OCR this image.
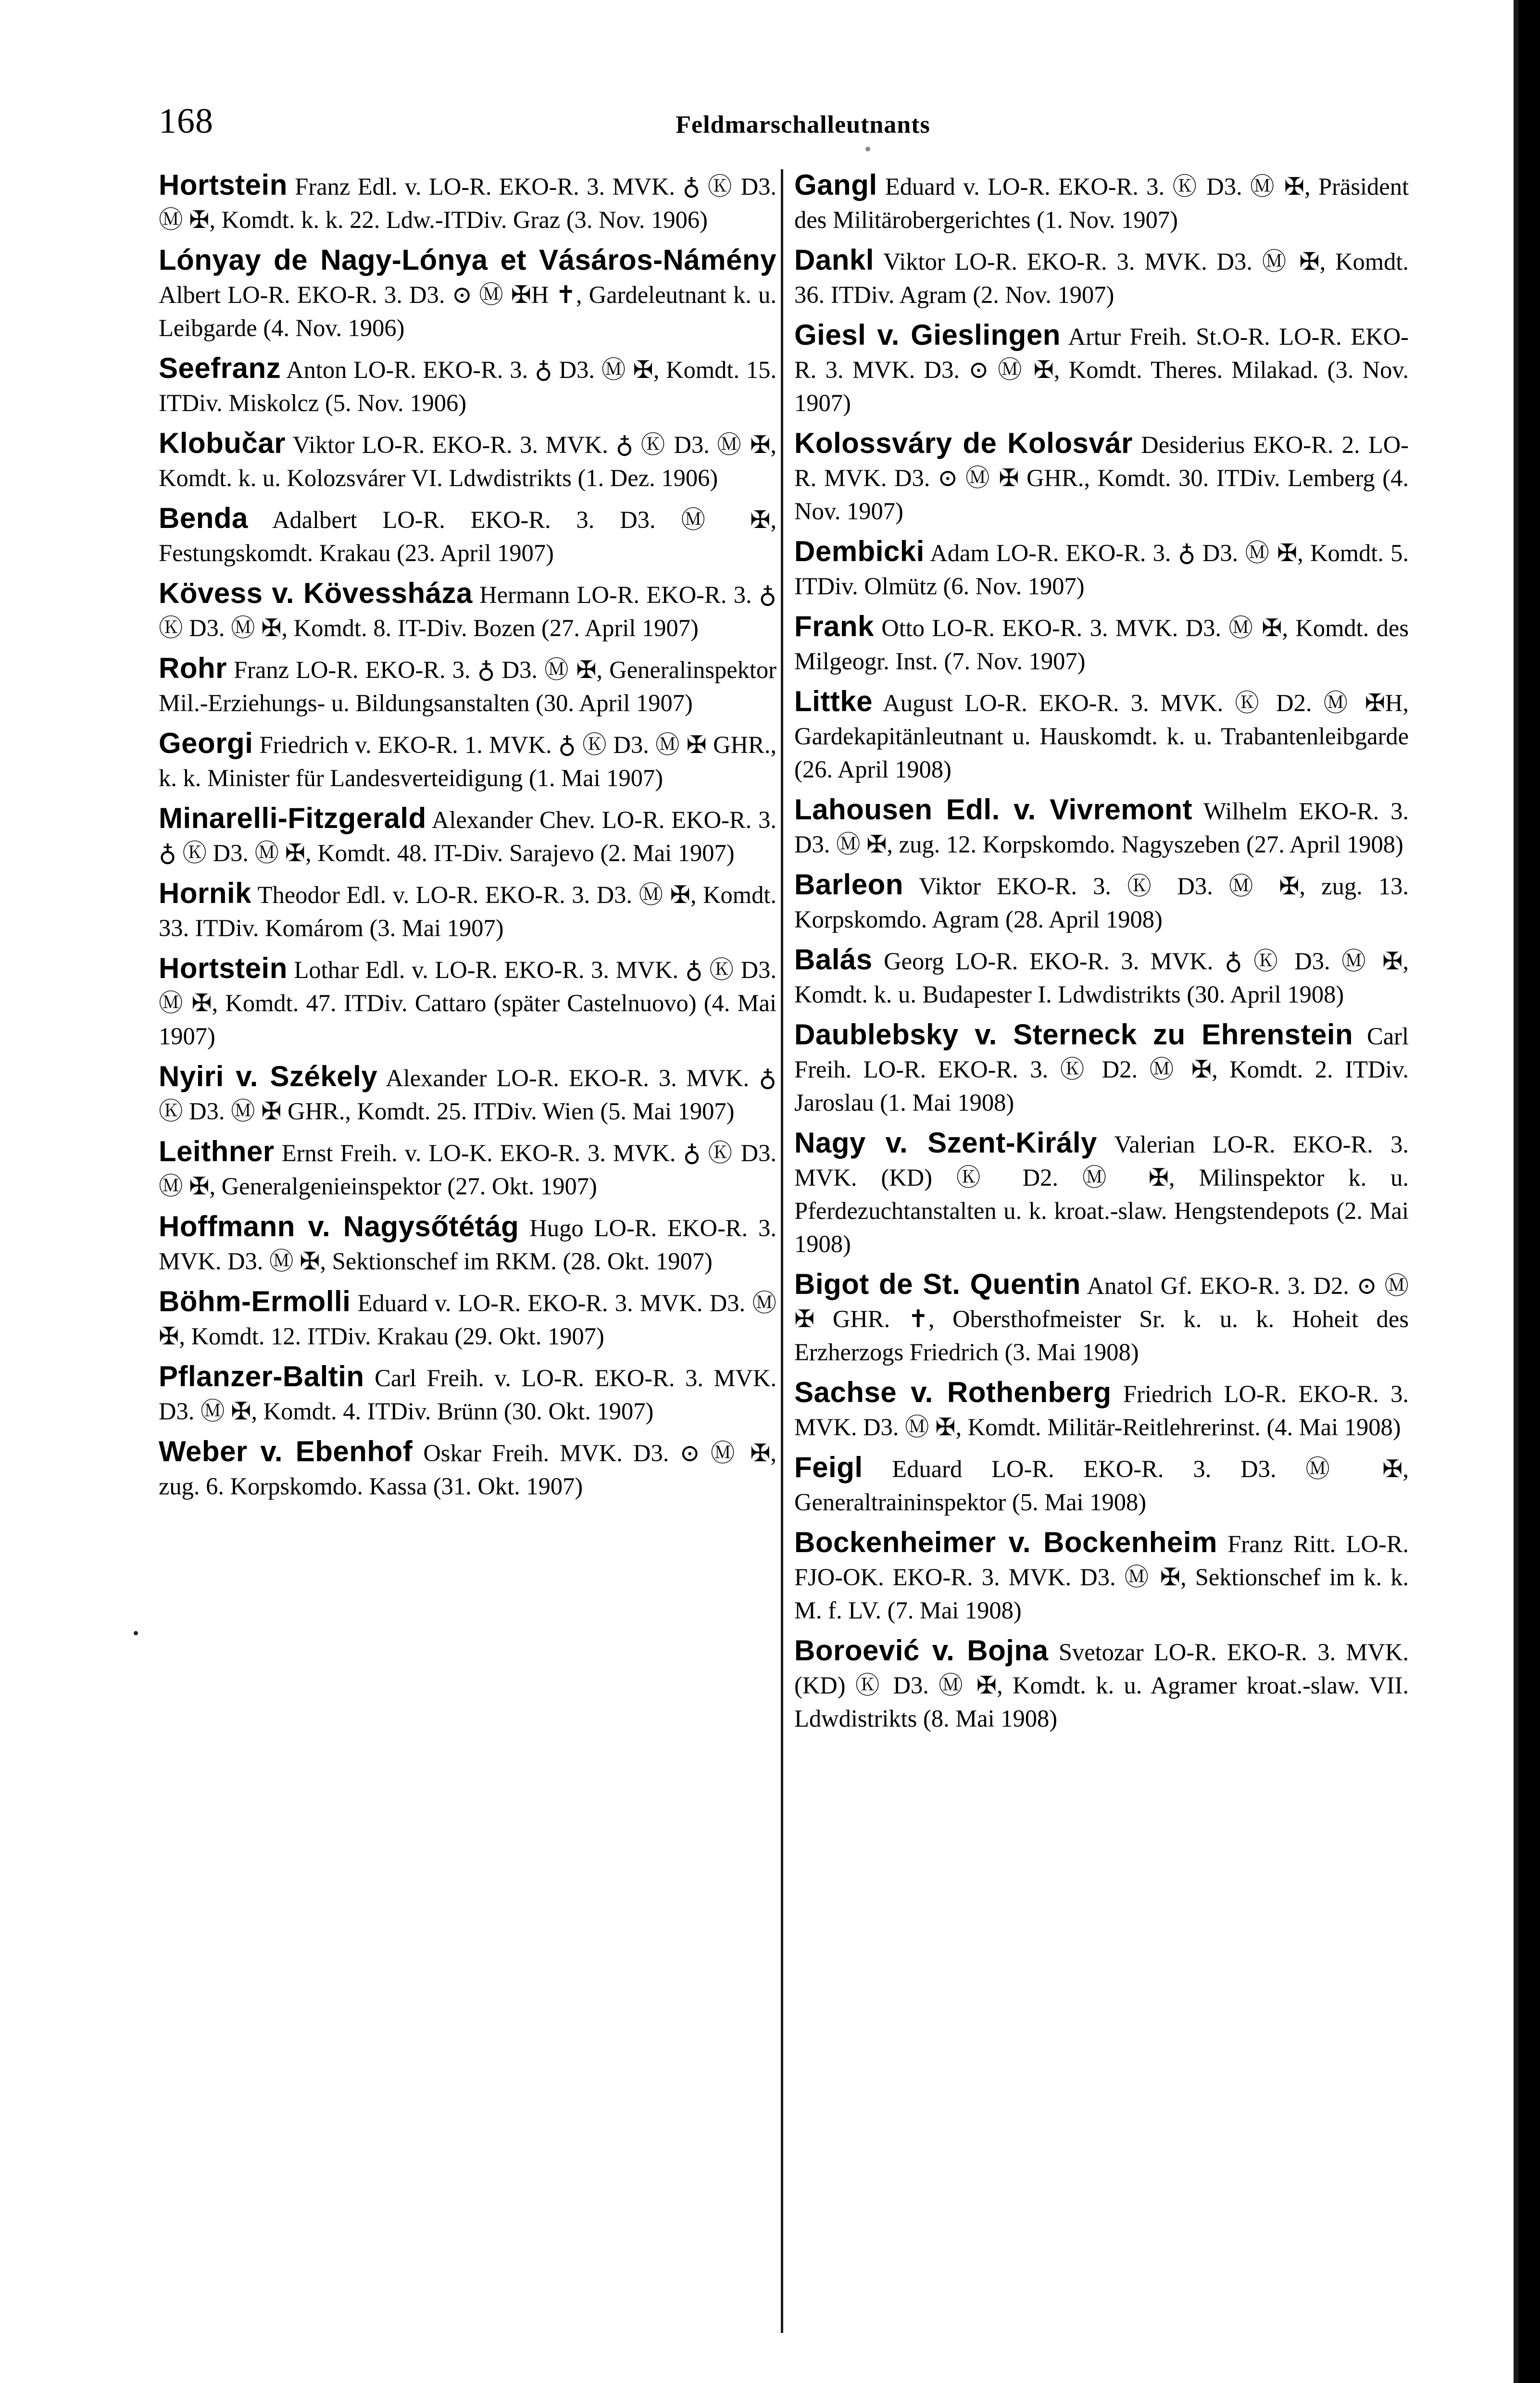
168	Feldmarschalleutnants

Hortstein Franz Edl. v. LO-R. EKO-R. 3. MVK. ♁ Ⓚ D3. Ⓜ ✠, Komdt. k. k. 22. Ldw.-ITDiv. Graz (3. Nov. 1906)

Lónyay de Nagy-Lónya et Vásáros-Námény Albert LO-R. EKO-R. 3. D3. ⊙ Ⓜ ✠H ✝, Gardeleutnant k. u. Leibgarde (4. Nov. 1906)

Seefranz Anton LO-R. EKO-R. 3. ♁ D3. Ⓜ ✠, Komdt. 15. ITDiv. Miskolcz (5. Nov. 1906)

Klobučar Viktor LO-R. EKO-R. 3. MVK. ♁ Ⓚ D3. Ⓜ ✠, Komdt. k. u. Kolozsvárer VI. Ldwdistrikts (1. Dez. 1906)

Benda Adalbert LO-R. EKO-R. 3. D3. Ⓜ ✠, Festungskomdt. Krakau (23. April 1907)

Kövess v. Kövessháza Hermann LO-R. EKO-R. 3. ♁ Ⓚ D3. Ⓜ ✠, Komdt. 8. IT-Div. Bozen (27. April 1907)

Rohr Franz LO-R. EKO-R. 3. ♁ D3. Ⓜ ✠, Generalinspektor Mil.-Erziehungs- u. Bildungsanstalten (30. April 1907)

Georgi Friedrich v. EKO-R. 1. MVK. ♁ Ⓚ D3. Ⓜ ✠ GHR., k. k. Minister für Landesverteidigung (1. Mai 1907)

Minarelli-Fitzgerald Alexander Chev. LO-R. EKO-R. 3. ♁ Ⓚ D3. Ⓜ ✠, Komdt. 48. IT-Div. Sarajevo (2. Mai 1907)

Hornik Theodor Edl. v. LO-R. EKO-R. 3. D3. Ⓜ ✠, Komdt. 33. ITDiv. Komárom (3. Mai 1907)

Hortstein Lothar Edl. v. LO-R. EKO-R. 3. MVK. ♁ Ⓚ D3. Ⓜ ✠, Komdt. 47. ITDiv. Cattaro (später Castelnuovo) (4. Mai 1907)

Nyiri v. Székely Alexander LO-R. EKO-R. 3. MVK. ♁ Ⓚ D3. Ⓜ ✠ GHR., Komdt. 25. ITDiv. Wien (5. Mai 1907)

Leithner Ernst Freih. v. LO-K. EKO-R. 3. MVK. ♁ Ⓚ D3. Ⓜ ✠, Generalgenieinspektor (27. Okt. 1907)

Hoffmann v. Nagysőtétág Hugo LO-R. EKO-R. 3. MVK. D3. Ⓜ ✠, Sektionschef im RKM. (28. Okt. 1907)

Böhm-Ermolli Eduard v. LO-R. EKO-R. 3. MVK. D3. Ⓜ ✠, Komdt. 12. ITDiv. Krakau (29. Okt. 1907)

Pflanzer-Baltin Carl Freih. v. LO-R. EKO-R. 3. MVK. D3. Ⓜ ✠, Komdt. 4. ITDiv. Brünn (30. Okt. 1907)

Weber v. Ebenhof Oskar Freih. MVK. D3. ⊙ Ⓜ ✠, zug. 6. Korpskomdo. Kassa (31. Okt. 1907)

Gangl Eduard v. LO-R. EKO-R. 3. Ⓚ D3. Ⓜ ✠, Präsident des Militärobergerichtes (1. Nov. 1907)

Dankl Viktor LO-R. EKO-R. 3. MVK. D3. Ⓜ ✠, Komdt. 36. ITDiv. Agram (2. Nov. 1907)

Giesl v. Gieslingen Artur Freih. St.O-R. LO-R. EKO-R. 3. MVK. D3. ⊙ Ⓜ ✠, Komdt. Theres. Milakad. (3. Nov. 1907)

Kolossváry de Kolosvár Desiderius EKO-R. 2. LO-R. MVK. D3. ⊙ Ⓜ ✠ GHR., Komdt. 30. ITDiv. Lemberg (4. Nov. 1907)

Dembicki Adam LO-R. EKO-R. 3. ♁ D3. Ⓜ ✠, Komdt. 5. ITDiv. Olmütz (6. Nov. 1907)

Frank Otto LO-R. EKO-R. 3. MVK. D3. Ⓜ ✠, Komdt. des Milgeogr. Inst. (7. Nov. 1907)

Littke August LO-R. EKO-R. 3. MVK. Ⓚ D2. Ⓜ ✠H, Gardekapitänleutnant u. Hauskomdt. k. u. Trabantenleibgarde (26. April 1908)

Lahousen Edl. v. Vivremont Wilhelm EKO-R. 3. D3. Ⓜ ✠, zug. 12. Korpskomdo. Nagyszeben (27. April 1908)

Barleon Viktor EKO-R. 3. Ⓚ D3. Ⓜ ✠, zug. 13. Korpskomdo. Agram (28. April 1908)

Balás Georg LO-R. EKO-R. 3. MVK. ♁ Ⓚ D3. Ⓜ ✠, Komdt. k. u. Budapester I. Ldwdistrikts (30. April 1908)

Daublebsky v. Sterneck zu Ehrenstein Carl Freih. LO-R. EKO-R. 3. Ⓚ D2. Ⓜ ✠, Komdt. 2. ITDiv. Jaroslau (1. Mai 1908)

Nagy v. Szent-Király Valerian LO-R. EKO-R. 3. MVK. (KD) Ⓚ D2. Ⓜ ✠, Milinspektor k. u. Pferdezuchtanstalten u. k. kroat.-slaw. Hengstendepots (2. Mai 1908)

Bigot de St. Quentin Anatol Gf. EKO-R. 3. D2. ⊙ Ⓜ ✠ GHR. ✝, Obersthofmeister Sr. k. u. k. Hoheit des Erzherzogs Friedrich (3. Mai 1908)

Sachse v. Rothenberg Friedrich LO-R. EKO-R. 3. MVK. D3. Ⓜ ✠, Komdt. Militär-Reitlehrerinst. (4. Mai 1908)

Feigl Eduard LO-R. EKO-R. 3. D3. Ⓜ ✠, Generaltraininspektor (5. Mai 1908)

Bockenheimer v. Bockenheim Franz Ritt. LO-R. FJO-OK. EKO-R. 3. MVK. D3. Ⓜ ✠, Sektionschef im k. k. M. f. LV. (7. Mai 1908)

Boroević v. Bojna Svetozar LO-R. EKO-R. 3. MVK. (KD) Ⓚ D3. Ⓜ ✠, Komdt. k. u. Agramer kroat.-slaw. VII. Ldwdistrikts (8. Mai 1908)
